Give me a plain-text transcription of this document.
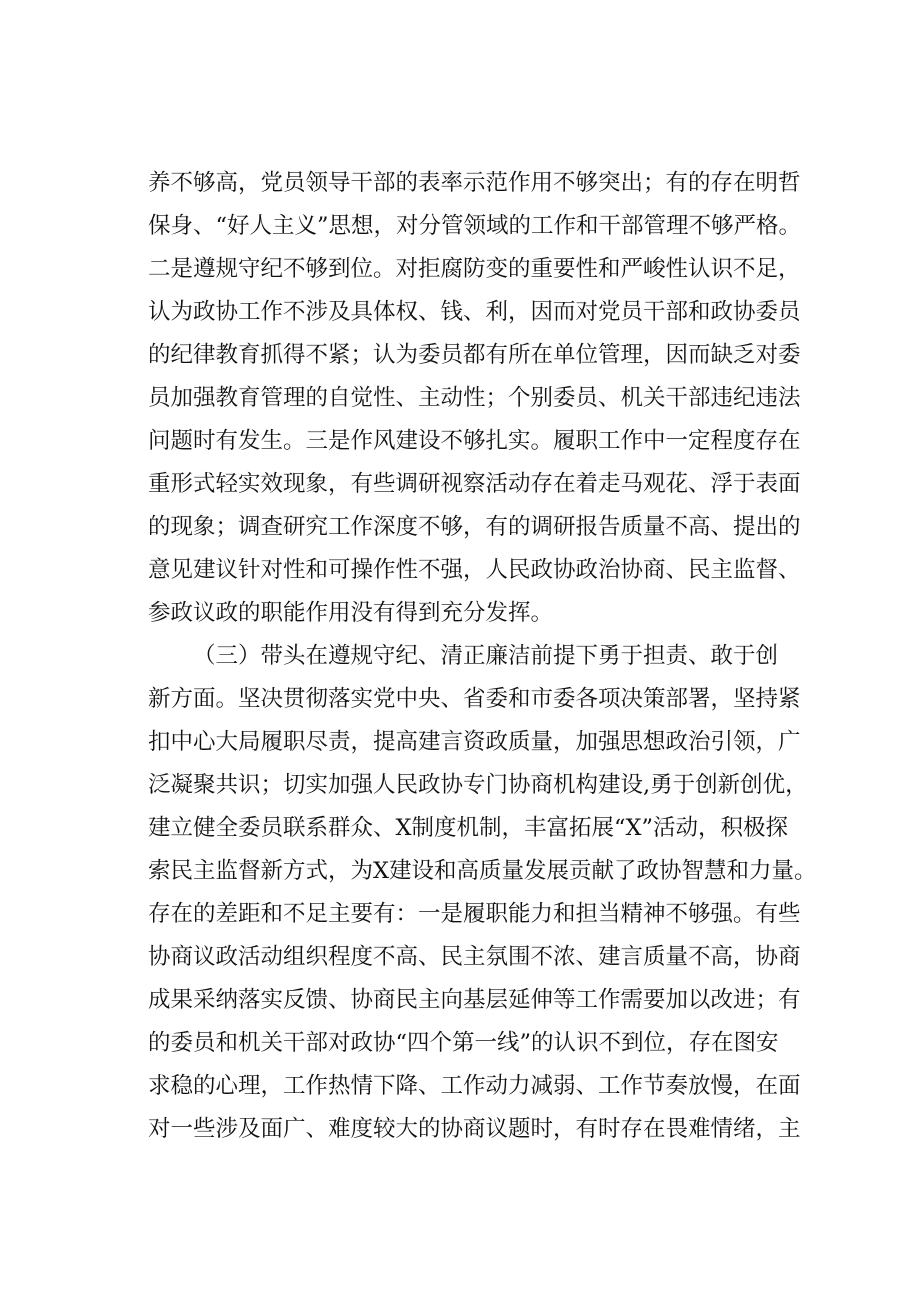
养不够高，党员领导干部的表率示范作用不够突出；有的存在明哲
保身、“好人主义”思想，对分管领域的工作和干部管理不够严格。
二是遵规守纪不够到位。对拒腐防变的重要性和严峻性认识不足，
认为政协工作不涉及具体权、钱、利，因而对党员干部和政协委员
的纪律教育抓得不紧；认为委员都有所在单位管理，因而缺乏对委
员加强教育管理的自觉性、主动性；个别委员、机关干部违纪违法
问题时有发生。三是作风建设不够扎实。履职工作中一定程度存在
重形式轻实效现象，有些调研视察活动存在着走马观花、浮于表面
的现象；调查研究工作深度不够，有的调研报告质量不高、提出的
意见建议针对性和可操作性不强，人民政协政治协商、民主监督、
参政议政的职能作用没有得到充分发挥。
（三）带头在遵规守纪、清正廉洁前提下勇于担责、敢于创
新方面。坚决贯彻落实党中央、省委和市委各项决策部署，坚持紧
扣中心大局履职尽责，提高建言资政质量，加强思想政治引领，广
泛凝聚共识；切实加强人民政协专门协商机构建设,勇于创新创优，
建立健全委员联系群众、X制度机制，丰富拓展“X”活动，积极探
索民主监督新方式，为X建设和高质量发展贡献了政协智慧和力量。
存在的差距和不足主要有：一是履职能力和担当精神不够强。有些
协商议政活动组织程度不高、民主氛围不浓、建言质量不高，协商
成果采纳落实反馈、协商民主向基层延伸等工作需要加以改进；有
的委员和机关干部对政协“四个第一线”的认识不到位，存在图安
求稳的心理，工作热情下降、工作动力减弱、工作节奏放慢，在面
对一些涉及面广、难度较大的协商议题时，有时存在畏难情绪，主
